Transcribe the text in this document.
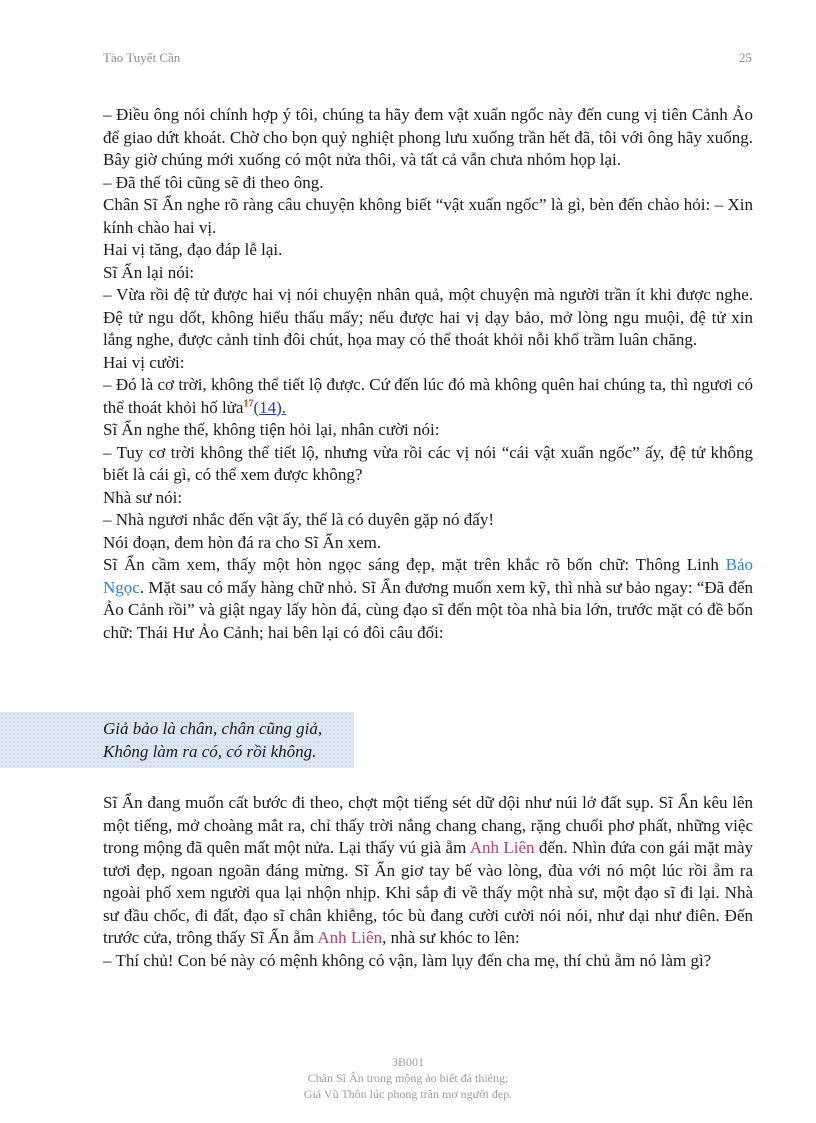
Tào Tuyết Cần	25

– Điều ông nói chính hợp ý tôi, chúng ta hãy đem vật xuẩn ngốc này đến cung vị tiên Cảnh Ảo để giao dứt khoát. Chờ cho bọn quỷ nghiệt phong lưu xuống trần hết đã, tôi với ông hãy xuống. Bây giờ chúng mới xuống có một nửa thôi, và tất cả vẫn chưa nhóm họp lại.

– Đã thế tôi cũng sẽ đi theo ông.

Chân Sĩ Ẩn nghe rõ ràng câu chuyện không biết “vật xuẩn ngốc” là gì, bèn đến chào hỏi: – Xin kính chào hai vị.

Hai vị tăng, đạo đáp lễ lại.

Sĩ Ẩn lại nói:

– Vừa rồi đệ tử được hai vị nói chuyện nhân quả, một chuyện mà người trần ít khi được nghe. Đệ tử ngu dốt, không hiểu thấu mấy; nếu được hai vị dạy bảo, mở lòng ngu muội, đệ tử xin lắng nghe, được cảnh tỉnh đôi chút, họa may có thể thoát khỏi nỗi khổ trầm luân chăng.

Hai vị cười:

– Đó là cơ trời, không thể tiết lộ được. Cứ đến lúc đó mà không quên hai chúng ta, thì ngươi có thể thoát khỏi hố lửa$^{17}$(14).

Sĩ Ẩn nghe thế, không tiện hỏi lại, nhân cười nói:

– Tuy cơ trời không thể tiết lộ, nhưng vừa rồi các vị nói “cái vật xuẩn ngốc” ấy, đệ tử không biết là cái gì, có thể xem được không?

Nhà sư nói:

– Nhà ngươi nhắc đến vật ấy, thế là có duyên gặp nó đấy!

Nói đoạn, đem hòn đá ra cho Sĩ Ẩn xem.

Sĩ Ẩn cầm xem, thấy một hòn ngọc sáng đẹp, mặt trên khắc rõ bốn chữ: Thông Linh Bảo Ngọc. Mặt sau có mấy hàng chữ nhỏ. Sĩ Ẩn đương muốn xem kỹ, thì nhà sư bảo ngay: “Đã đến Ảo Cảnh rồi” và giật ngay lấy hòn đá, cùng đạo sĩ đến một tòa nhà bia lớn, trước mặt có đề bốn chữ: Thái Hư Ảo Cảnh; hai bên lại có đôi câu đối:

Giả bảo là chân, chân cũng giả,
Không làm ra có, có rồi không.

Sĩ Ẩn đang muốn cất bước đi theo, chợt một tiếng sét dữ dội như núi lở đất sụp. Sĩ Ẩn kêu lên một tiếng, mở choàng mắt ra, chỉ thấy trời nắng chang chang, rặng chuối phơ phất, những việc trong mộng đã quên mất một nửa. Lại thấy vú già ẵm Anh Liên đến. Nhìn đứa con gái mặt mày tươi đẹp, ngoan ngoãn đáng mừng. Sĩ Ẩn giơ tay bế vào lòng, đùa với nó một lúc rồi ẵm ra ngoài phố xem người qua lại nhộn nhịp. Khi sắp đi về thấy một nhà sư, một đạo sĩ đi lại. Nhà sư đầu chốc, đi đất, đạo sĩ chân khiễng, tóc bù đang cười cười nói nói, như dại như điên. Đến trước cửa, trông thấy Sĩ Ẩn ẵm Anh Liên, nhà sư khóc to lên:

– Thí chủ! Con bé này có mệnh không có vận, làm lụy đến cha mẹ, thí chủ ẵm nó làm gì?

3B001
Chân Sĩ Ẩn trong mộng ảo biết đá thiêng;
Giả Vũ Thôn lúc phong trần mơ người đẹp.
